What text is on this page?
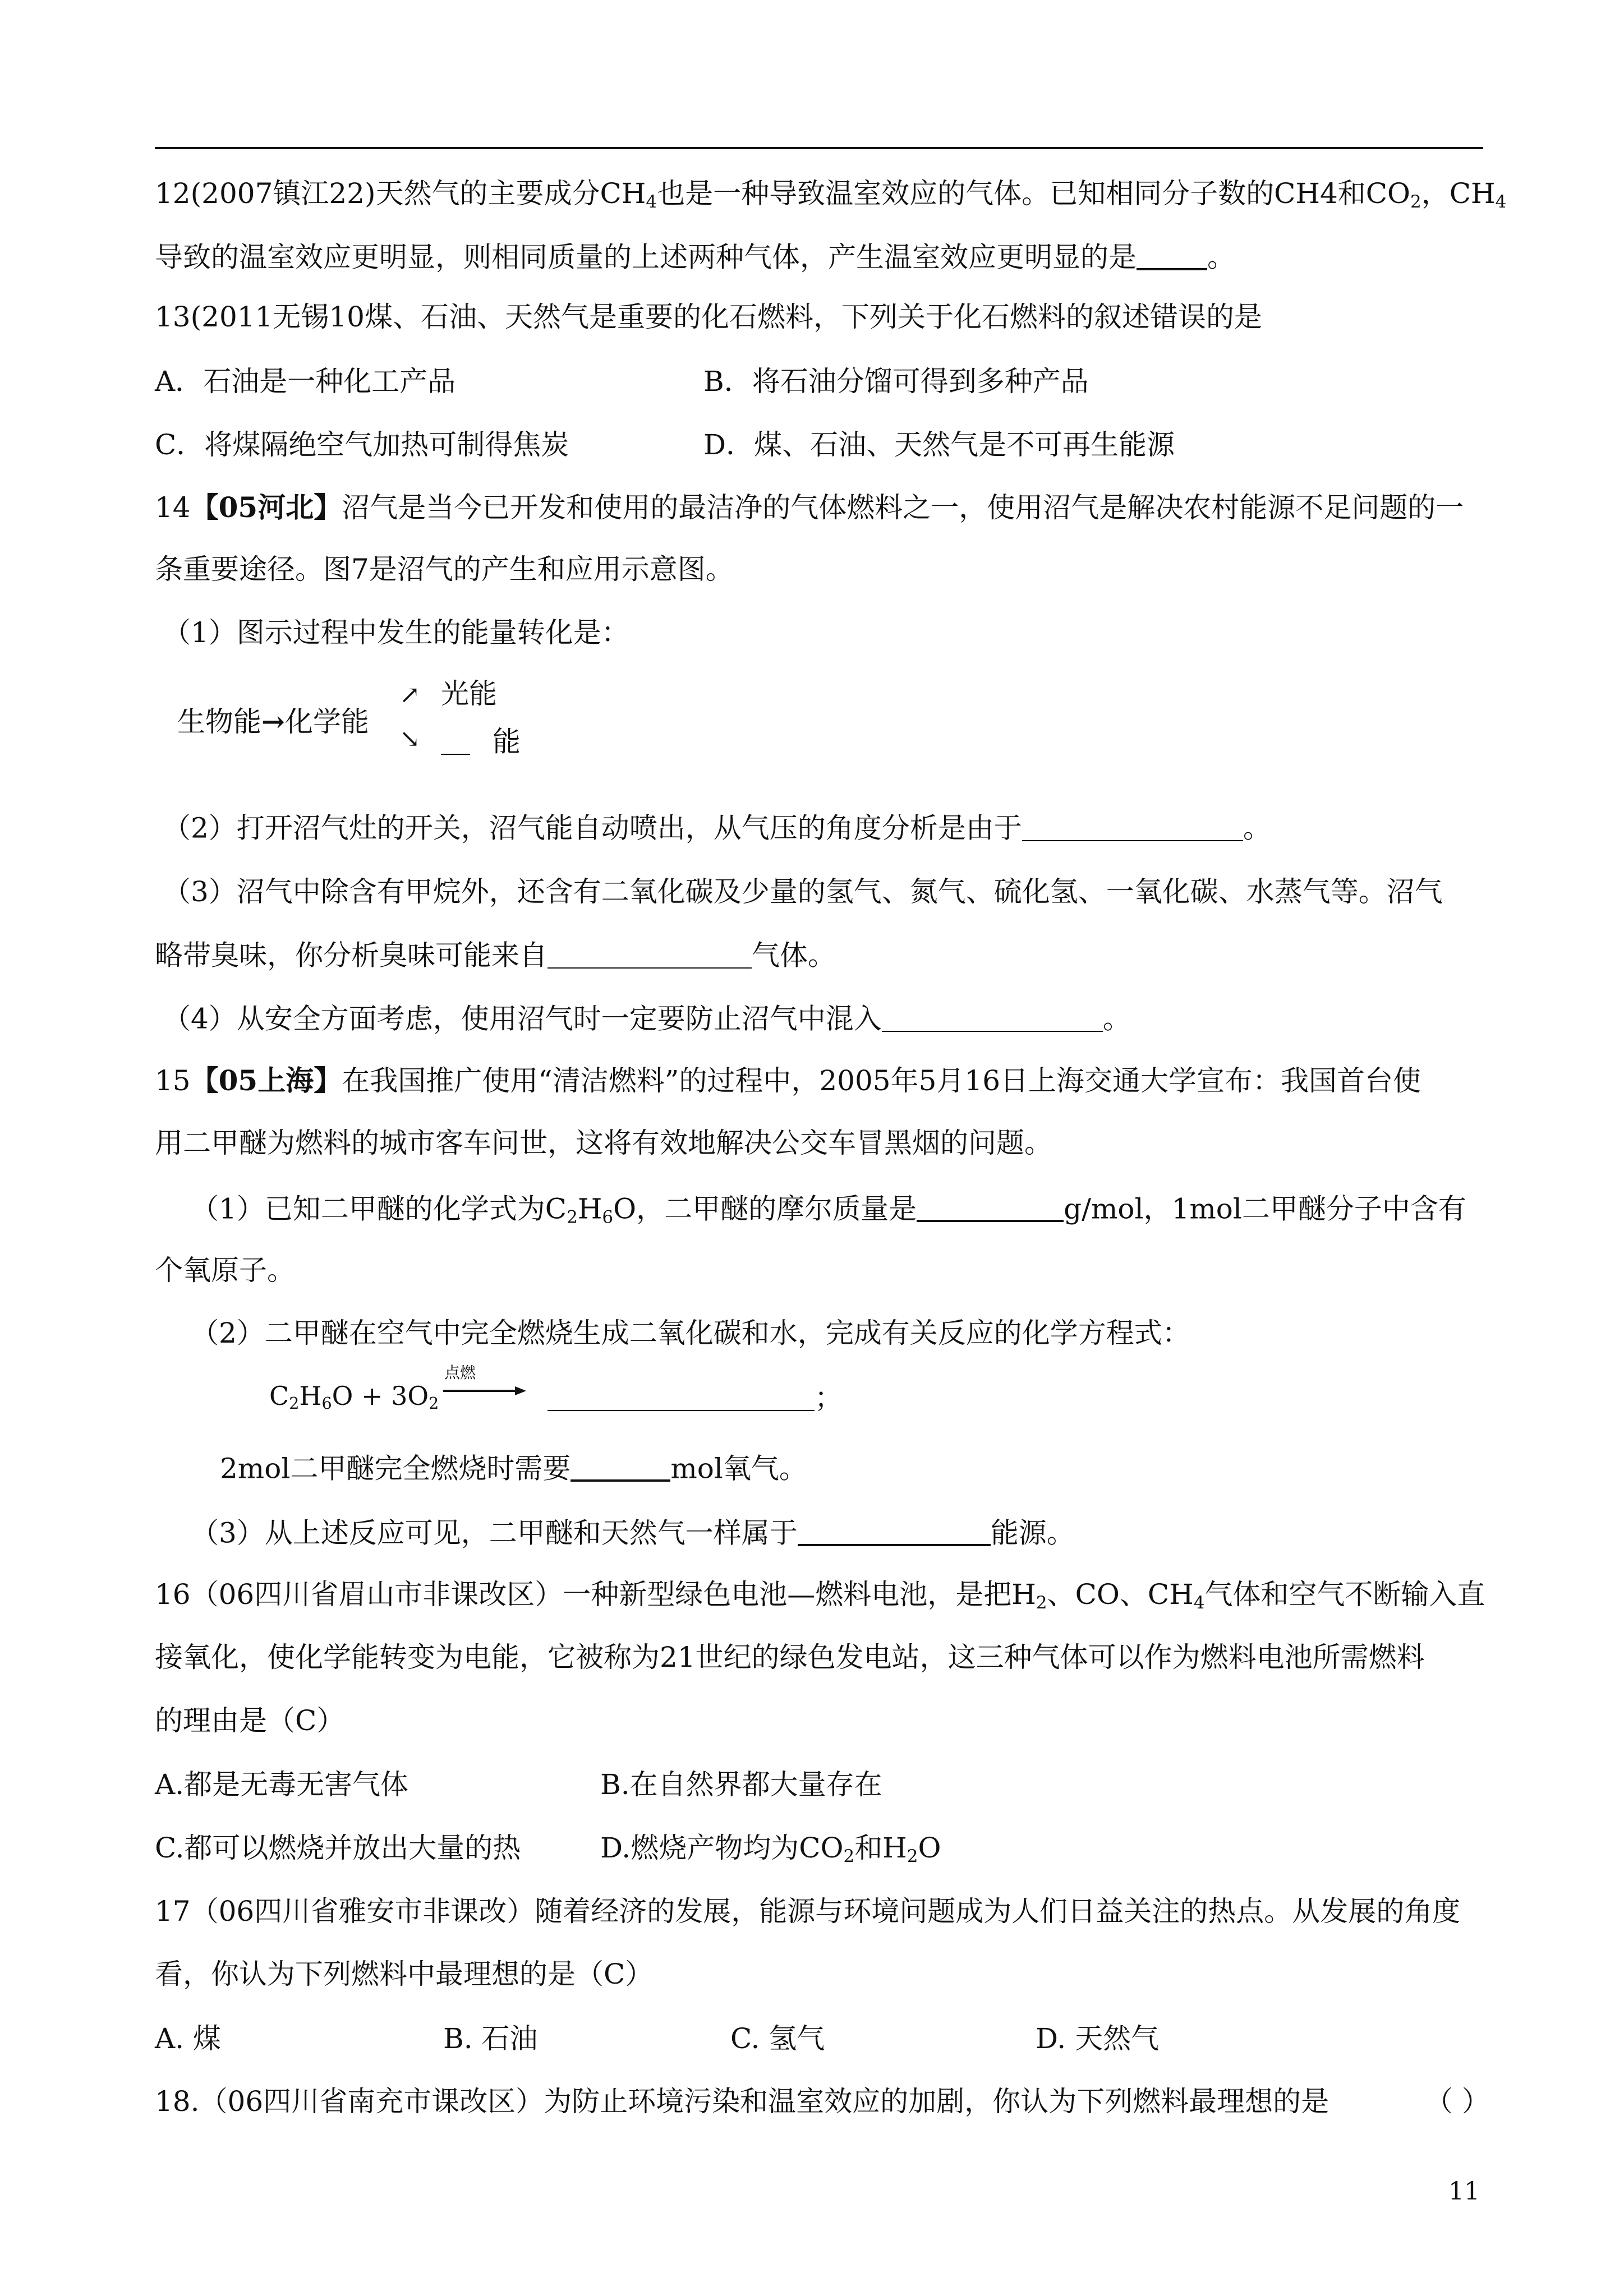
12(2007镇江22)天然气的主要成分$CH_4$也是一种导致温室效应的气体。已知相同分子数的CH4和$CO_2$，$CH_4$
导致的温室效应更明显，则相同质量的上述两种气体，产生温室效应更明显的是	。
13(2011无锡10煤、石油、天然气是重要的化石燃料，下列关于化石燃料的叙述错误的是
A．石油是一种化工产品	B．将石油分馏可得到多种产品
C．将煤隔绝空气加热可制得焦炭	D．煤、石油、天然气是不可再生能源
14【05河北】沼气是当今已开发和使用的最洁净的气体燃料之一，使用沼气是解决农村能源不足问题的一
条重要途径。图7是沼气的产生和应用示意图。
（1）图示过程中发生的能量转化是：
生物能→化学能
↗ 光能
↘	能
（2）打开沼气灶的开关，沼气能自动喷出，从气压的角度分析是由于	。
（3）沼气中除含有甲烷外，还含有二氧化碳及少量的氢气、氮气、硫化氢、一氧化碳、水蒸气等。沼气
略带臭味，你分析臭味可能来自	气体。
（4）从安全方面考虑，使用沼气时一定要防止沼气中混入	。
15【05上海】在我国推广使用“清洁燃料”的过程中，2005年5月16日上海交通大学宣布：我国首台使
用二甲醚为燃料的城市客车问世，这将有效地解决公交车冒黑烟的问题。
（1）已知二甲醚的化学式为$C_2H_6O$，二甲醚的摩尔质量是	g/mol，1mol二甲醚分子中含有
个氧原子。
（2）二甲醚在空气中完全燃烧生成二氧化碳和水，完成有关反应的化学方程式：
$C_2H_6O + 3O_2$
点燃
；
2mol二甲醚完全燃烧时需要	mol氧气。
（3）从上述反应可见，二甲醚和天然气一样属于	能源。
16（06四川省眉山市非课改区）一种新型绿色电池—燃料电池，是把$H_2$、CO、$CH_4$气体和空气不断输入直
接氧化，使化学能转变为电能，它被称为21世纪的绿色发电站，这三种气体可以作为燃料电池所需燃料
的理由是（C）
A.都是无毒无害气体	B.在自然界都大量存在
C.都可以燃烧并放出大量的热	D.燃烧产物均为$CO_2$和$H_2O$
17（06四川省雅安市非课改）随着经济的发展，能源与环境问题成为人们日益关注的热点。从发展的角度
看，你认为下列燃料中最理想的是（C）
A. 煤	B. 石油	C. 氢气	D. 天然气
18.（06四川省南充市课改区）为防止环境污染和温室效应的加剧，你认为下列燃料最理想的是	（ ）
11
